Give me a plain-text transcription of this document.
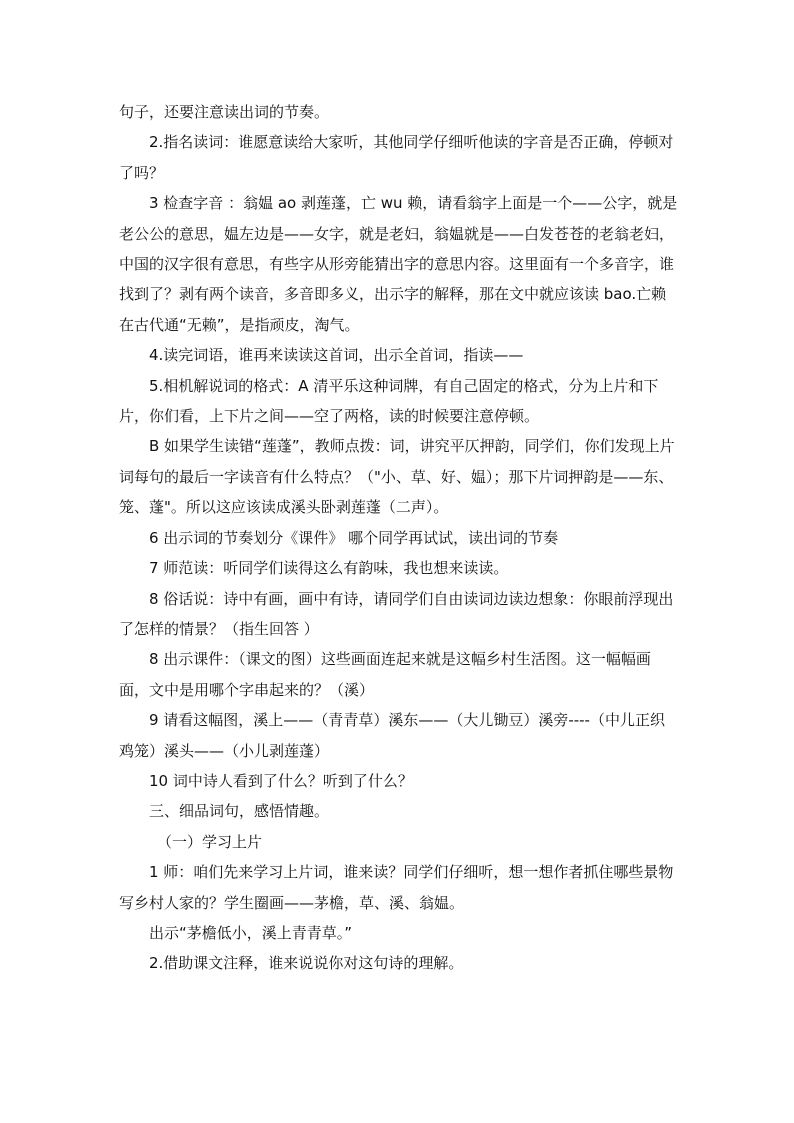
句子，还要注意读出词的节奏。

2.指名读词：谁愿意读给大家听，其他同学仔细听他读的字音是否正确，停顿对了吗？

3 检查字音 ：翁媪 ao 剥莲蓬，亡 wu 赖，请看翁字上面是一个——公字，就是老公公的意思，媪左边是——女字，就是老妇，翁媪就是——白发苍苍的老翁老妇，中国的汉字很有意思，有些字从形旁能猜出字的意思内容。这里面有一个多音字，谁找到了？剥有两个读音，多音即多义，出示字的解释，那在文中就应该读 bao.亡赖在古代通“无赖”，是指顽皮，淘气。

4.读完词语，谁再来读读这首词，出示全首词，指读——

5.相机解说词的格式：A 清平乐这种词牌，有自己固定的格式，分为上片和下片，你们看，上下片之间——空了两格，读的时候要注意停顿。

B 如果学生读错“莲蓬”，教师点拨：词，讲究平仄押韵，同学们，你们发现上片词每句的最后一字读音有什么特点？（"小、草、好、媪）；那下片词押韵是——东、笼、蓬"。所以这应该读成溪头卧剥莲蓬（二声）。

6 出示词的节奏划分《课件》 哪个同学再试试，读出词的节奏

7 师范读：听同学们读得这么有韵味，我也想来读读。

8 俗话说：诗中有画，画中有诗，请同学们自由读词边读边想象：你眼前浮现出了怎样的情景？（指生回答 ）

8 出示课件：（课文的图）这些画面连起来就是这幅乡村生活图。这一幅幅画面，文中是用哪个字串起来的？（溪）

9 请看这幅图，溪上——（青青草）溪东——（大儿锄豆）溪旁----（中儿正织鸡笼）溪头——（小儿剥莲蓬）

10 词中诗人看到了什么？听到了什么？

三、细品词句，感悟情趣。

（一）学习上片

1 师：咱们先来学习上片词，谁来读？同学们仔细听，想一想作者抓住哪些景物写乡村人家的？学生圈画——茅檐，草、溪、翁媪。

出示“茅檐低小，溪上青青草。”

2.借助课文注释，谁来说说你对这句诗的理解。
